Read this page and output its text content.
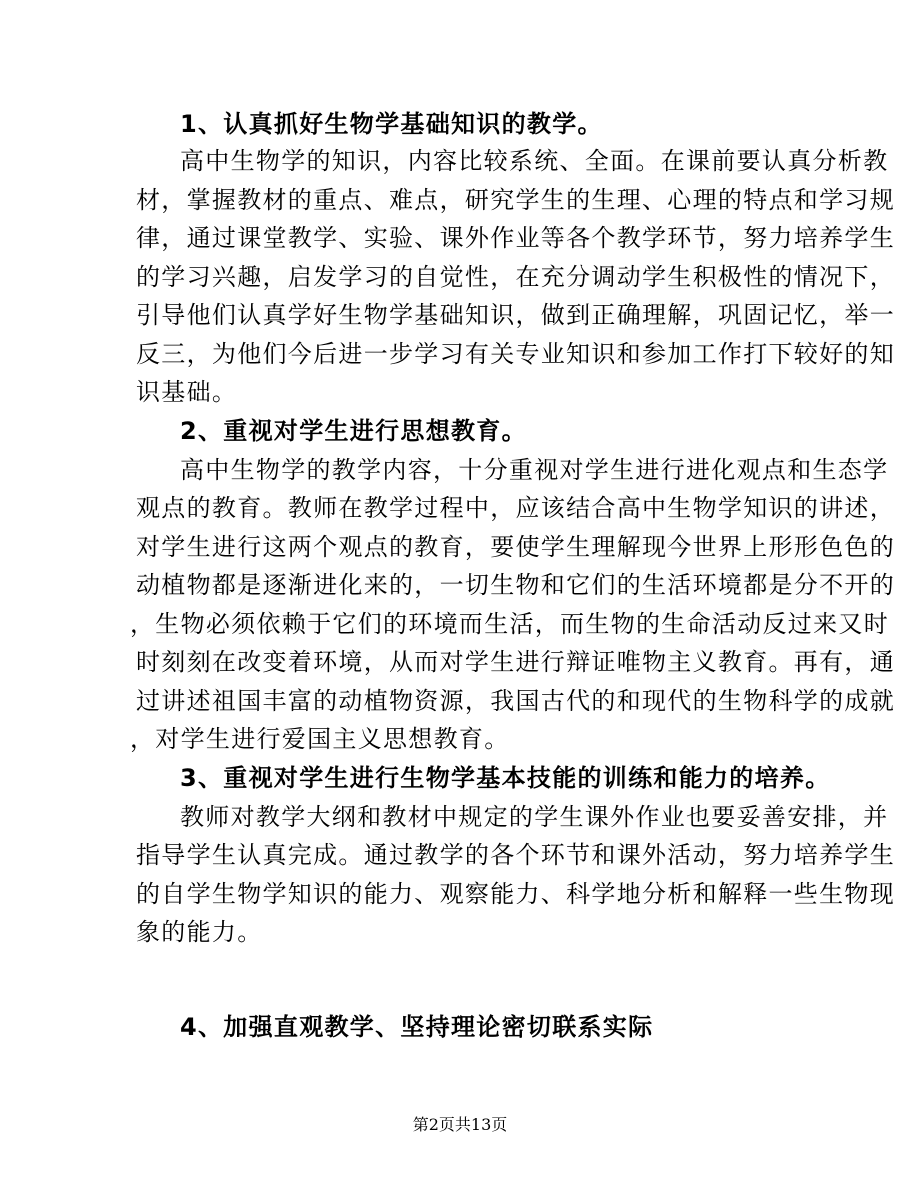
1、认真抓好生物学基础知识的教学。
高中生物学的知识，内容比较系统、全面。在课前要认真分析教
材，掌握教材的重点、难点，研究学生的生理、心理的特点和学习规
律，通过课堂教学、实验、课外作业等各个教学环节，努力培养学生
的学习兴趣，启发学习的自觉性，在充分调动学生积极性的情况下，
引导他们认真学好生物学基础知识，做到正确理解，巩固记忆，举一
反三，为他们今后进一步学习有关专业知识和参加工作打下较好的知
识基础。
2、重视对学生进行思想教育。
高中生物学的教学内容，十分重视对学生进行进化观点和生态学
观点的教育。教师在教学过程中，应该结合高中生物学知识的讲述，
对学生进行这两个观点的教育，要使学生理解现今世界上形形色色的
动植物都是逐渐进化来的，一切生物和它们的生活环境都是分不开的
，生物必须依赖于它们的环境而生活，而生物的生命活动反过来又时
时刻刻在改变着环境，从而对学生进行辩证唯物主义教育。再有，通
过讲述祖国丰富的动植物资源，我国古代的和现代的生物科学的成就
，对学生进行爱国主义思想教育。
3、重视对学生进行生物学基本技能的训练和能力的培养。
教师对教学大纲和教材中规定的学生课外作业也要妥善安排，并
指导学生认真完成。通过教学的各个环节和课外活动，努力培养学生
的自学生物学知识的能力、观察能力、科学地分析和解释一些生物现
象的能力。
4、加强直观教学、坚持理论密切联系实际
第2页共13页
